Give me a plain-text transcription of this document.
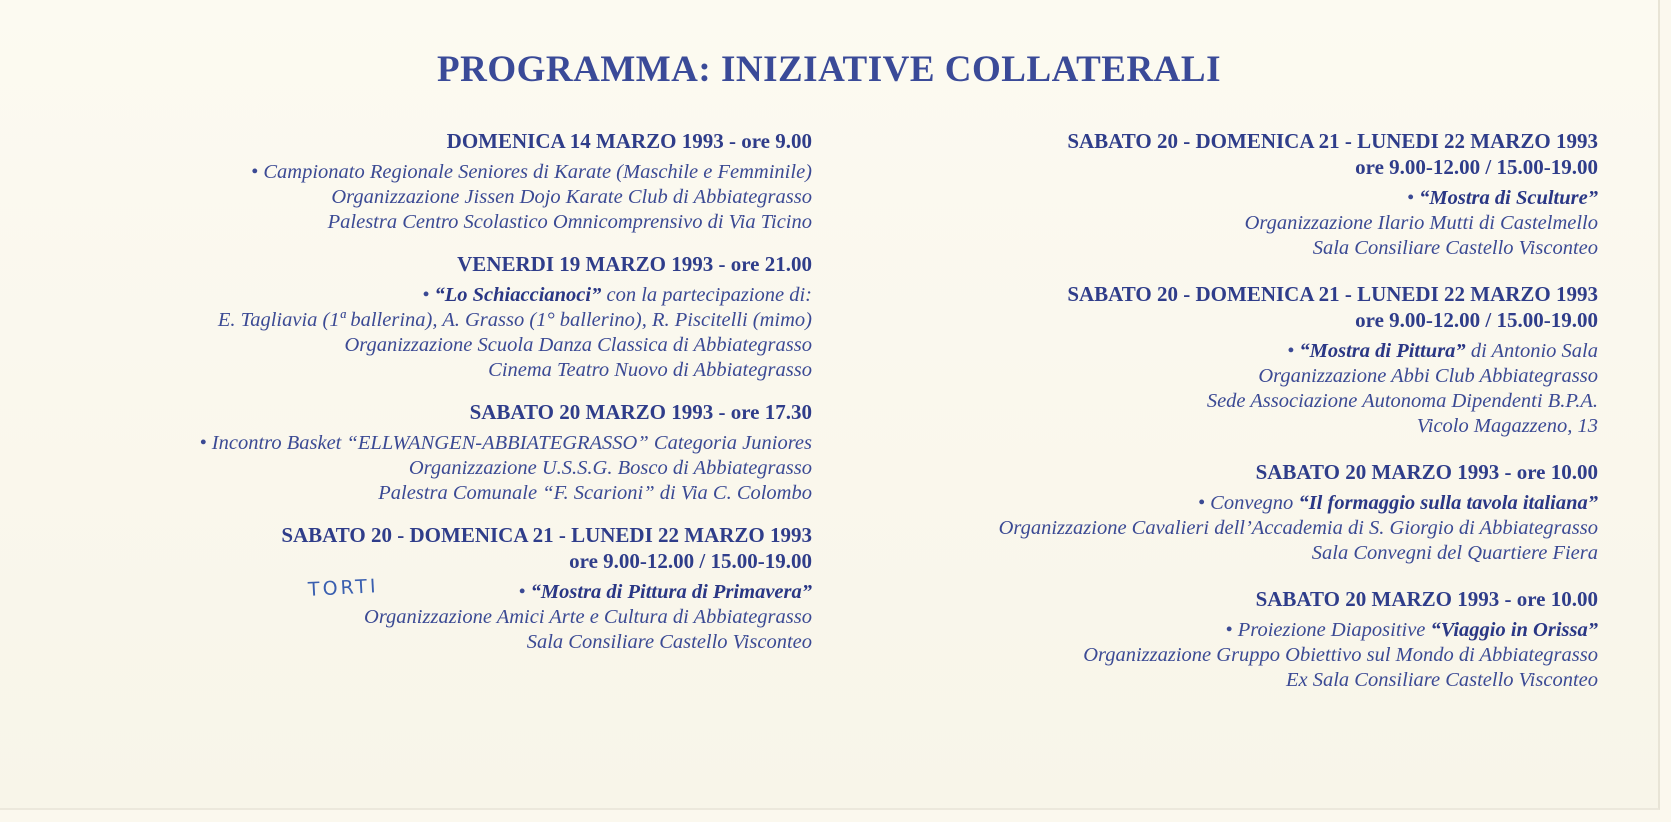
PROGRAMMA: INIZIATIVE COLLATERALI
DOMENICA 14 MARZO 1993 - ore 9.00
• Campionato Regionale Seniores di Karate (Maschile e Femminile)
Organizzazione Jissen Dojo Karate Club di Abbiategrasso
Palestra Centro Scolastico Omnicomprensivo di Via Ticino
VENERDI 19 MARZO 1993 - ore 21.00
• “Lo Schiaccianoci” con la partecipazione di:
E. Tagliavia (1ª ballerina), A. Grasso (1° ballerino), R. Piscitelli (mimo)
Organizzazione Scuola Danza Classica di Abbiategrasso
Cinema Teatro Nuovo di Abbiategrasso
SABATO 20 MARZO 1993 - ore 17.30
• Incontro Basket “ELLWANGEN-ABBIATEGRASSO” Categoria Juniores
Organizzazione U.S.S.G. Bosco di Abbiategrasso
Palestra Comunale “F. Scarioni” di Via C. Colombo
SABATO 20 - DOMENICA 21 - LUNEDI 22 MARZO 1993
ore 9.00-12.00 / 15.00-19.00
• “Mostra di Pittura di Primavera”
Organizzazione Amici Arte e Cultura di Abbiategrasso
Sala Consiliare Castello Visconteo
SABATO 20 - DOMENICA 21 - LUNEDI 22 MARZO 1993
ore 9.00-12.00 / 15.00-19.00
• “Mostra di Sculture”
Organizzazione Ilario Mutti di Castelmello
Sala Consiliare Castello Visconteo
SABATO 20 - DOMENICA 21 - LUNEDI 22 MARZO 1993
ore 9.00-12.00 / 15.00-19.00
• “Mostra di Pittura” di Antonio Sala
Organizzazione Abbi Club Abbiategrasso
Sede Associazione Autonoma Dipendenti B.P.A.
Vicolo Magazzeno, 13
SABATO 20 MARZO 1993 - ore 10.00
• Convegno “Il formaggio sulla tavola italiana”
Organizzazione Cavalieri dell’Accademia di S. Giorgio di Abbiategrasso
Sala Convegni del Quartiere Fiera
SABATO 20 MARZO 1993 - ore 10.00
• Proiezione Diapositive “Viaggio in Orissa”
Organizzazione Gruppo Obiettivo sul Mondo di Abbiategrasso
Ex Sala Consiliare Castello Visconteo
TORTI
